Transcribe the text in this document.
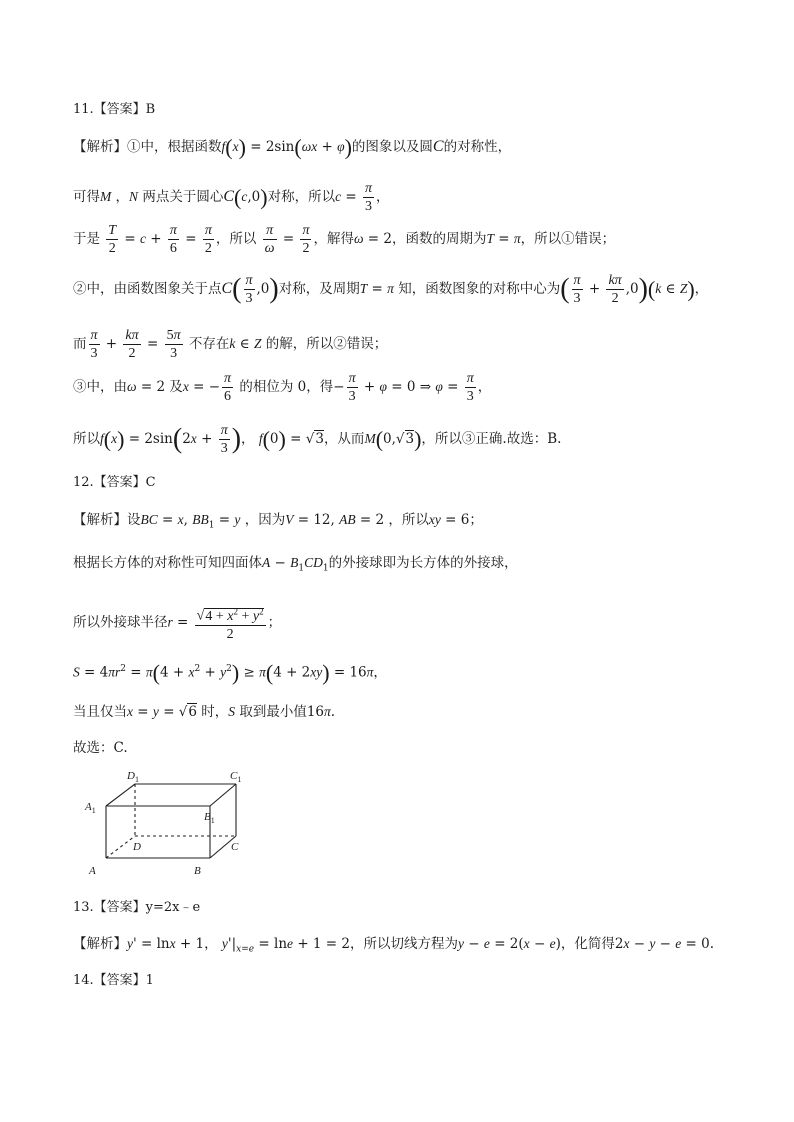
11.【答案】B
【解析】①中，根据函数f(x) = 2sin(ωx + φ)的图象以及圆C的对称性，
可得M ，N 两点关于圆心C(c,0)对称，所以$c = \frac{\pi}{3}$ ，
于是 $\frac{T}{2} = c + \frac{\pi}{6} = \frac{\pi}{2}$ ，所以 $\frac{\pi}{\omega} = \frac{\pi}{2}$ ，解得ω = 2，函数的周期为T = π，所以①错误；
②中，由函数图象关于点$C( \frac{\pi}{3} ,0)$对称，及周期T = π 知，函数图象的对称中心为( $\frac{\pi}{3} + \frac{k\pi}{2} ,0)(k$ ∈ Z)，
而 $\frac{\pi}{3} + \frac{k\pi}{2} = \frac{5\pi}{3}$ 不存在k ∈ Z 的解，所以②错误；
③中，由ω = 2 及x = − $\frac{\pi}{6}$ 的相位为 0，得− $\frac{\pi}{3} + \varphi = 0$ ⇒ $\varphi = \frac{\pi}{3}$ ，
所以$f(x) = 2\sin(2x + \frac{\pi}{3}$ )， f(0) = √3，从而M(0,√3)，所以③正确.故选：B.
12.【答案】C
【解析】设BC = x, $BB_1 = y$ ，因为V = 12, AB = 2 ，所以xy = 6；
根据长方体的对称性可知四面体$A - B_1CD_1$的外接球即为长方体的外接球，
所以外接球半径$r = \frac{√4 + x^2 + y^2}{2}$ ；
$S = 4\pi r^2 = \pi(4 + x^2 + y^2) \ge \pi(4 + 2xy) = 16\pi$，
当且仅当x = y = √6 时，S 取到最小值16π.
故选：C.
$D_1$	$C_1$
$A_1$
$B_1$
D	C
A	B
13.【答案】y=2x﹣e
【解析】y' = lnx + 1， $y'|_{x=e} = \ln e + 1 = 2$，所以切线方程为y − e = 2(x − e)，化简得2x − y − e = 0.
14.【答案】1
